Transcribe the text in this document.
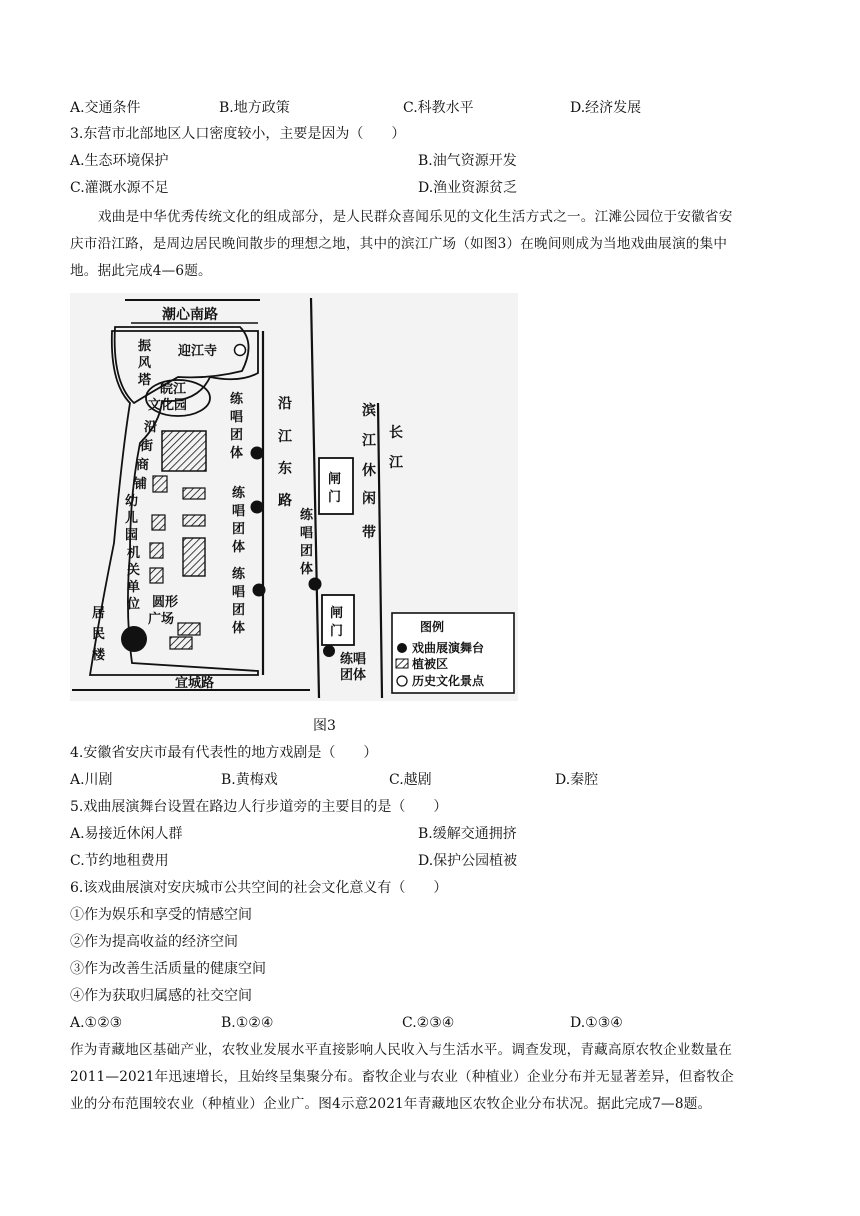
A.交通条件	B.地方政策	C.科教水平	D.经济发展
3.东营市北部地区人口密度较小，主要是因为（　　）
A.生态环境保护	B.油气资源开发
C.灌溉水源不足	D.渔业资源贫乏
戏曲是中华优秀传统文化的组成部分，是人民群众喜闻乐见的文化生活方式之一。江滩公园位于安徽省安
庆市沿江路，是周边居民晚间散步的理想之地，其中的滨江广场（如图3）在晚间则成为当地戏曲展演的集中
地。据此完成4—6题。
潮心南路
宜城路
振
风
塔
迎江寺
皖江
文化园
沿
街
商
铺
幼
儿
园
机
关
单
位 圆形
广场
居
民
楼
练
唱
团
体
练
唱
团
体
练
唱
团
体
沿
江
东
路
练
唱
团
体
闸
门
闸
门
练唱
团体
滨
江
休
闲
带
长
江
图例
戏曲展演舞台
植被区
历史文化景点
图3
4.安徽省安庆市最有代表性的地方戏剧是（　　）
A.川剧	B.黄梅戏	C.越剧	D.秦腔
5.戏曲展演舞台设置在路边人行步道旁的主要目的是（　　）
A.易接近休闲人群	B.缓解交通拥挤
C.节约地租费用	D.保护公园植被
6.该戏曲展演对安庆城市公共空间的社会文化意义有（　　）
①作为娱乐和享受的情感空间
②作为提高收益的经济空间
③作为改善生活质量的健康空间
④作为获取归属感的社交空间
A.①②③	B.①②④	C.②③④	D.①③④
作为青藏地区基础产业，农牧业发展水平直接影响人民收入与生活水平。调查发现，青藏高原农牧企业数量在
2011—2021年迅速增长，且始终呈集聚分布。畜牧企业与农业（种植业）企业分布并无显著差异，但畜牧企
业的分布范围较农业（种植业）企业广。图4示意2021年青藏地区农牧企业分布状况。据此完成7—8题。
